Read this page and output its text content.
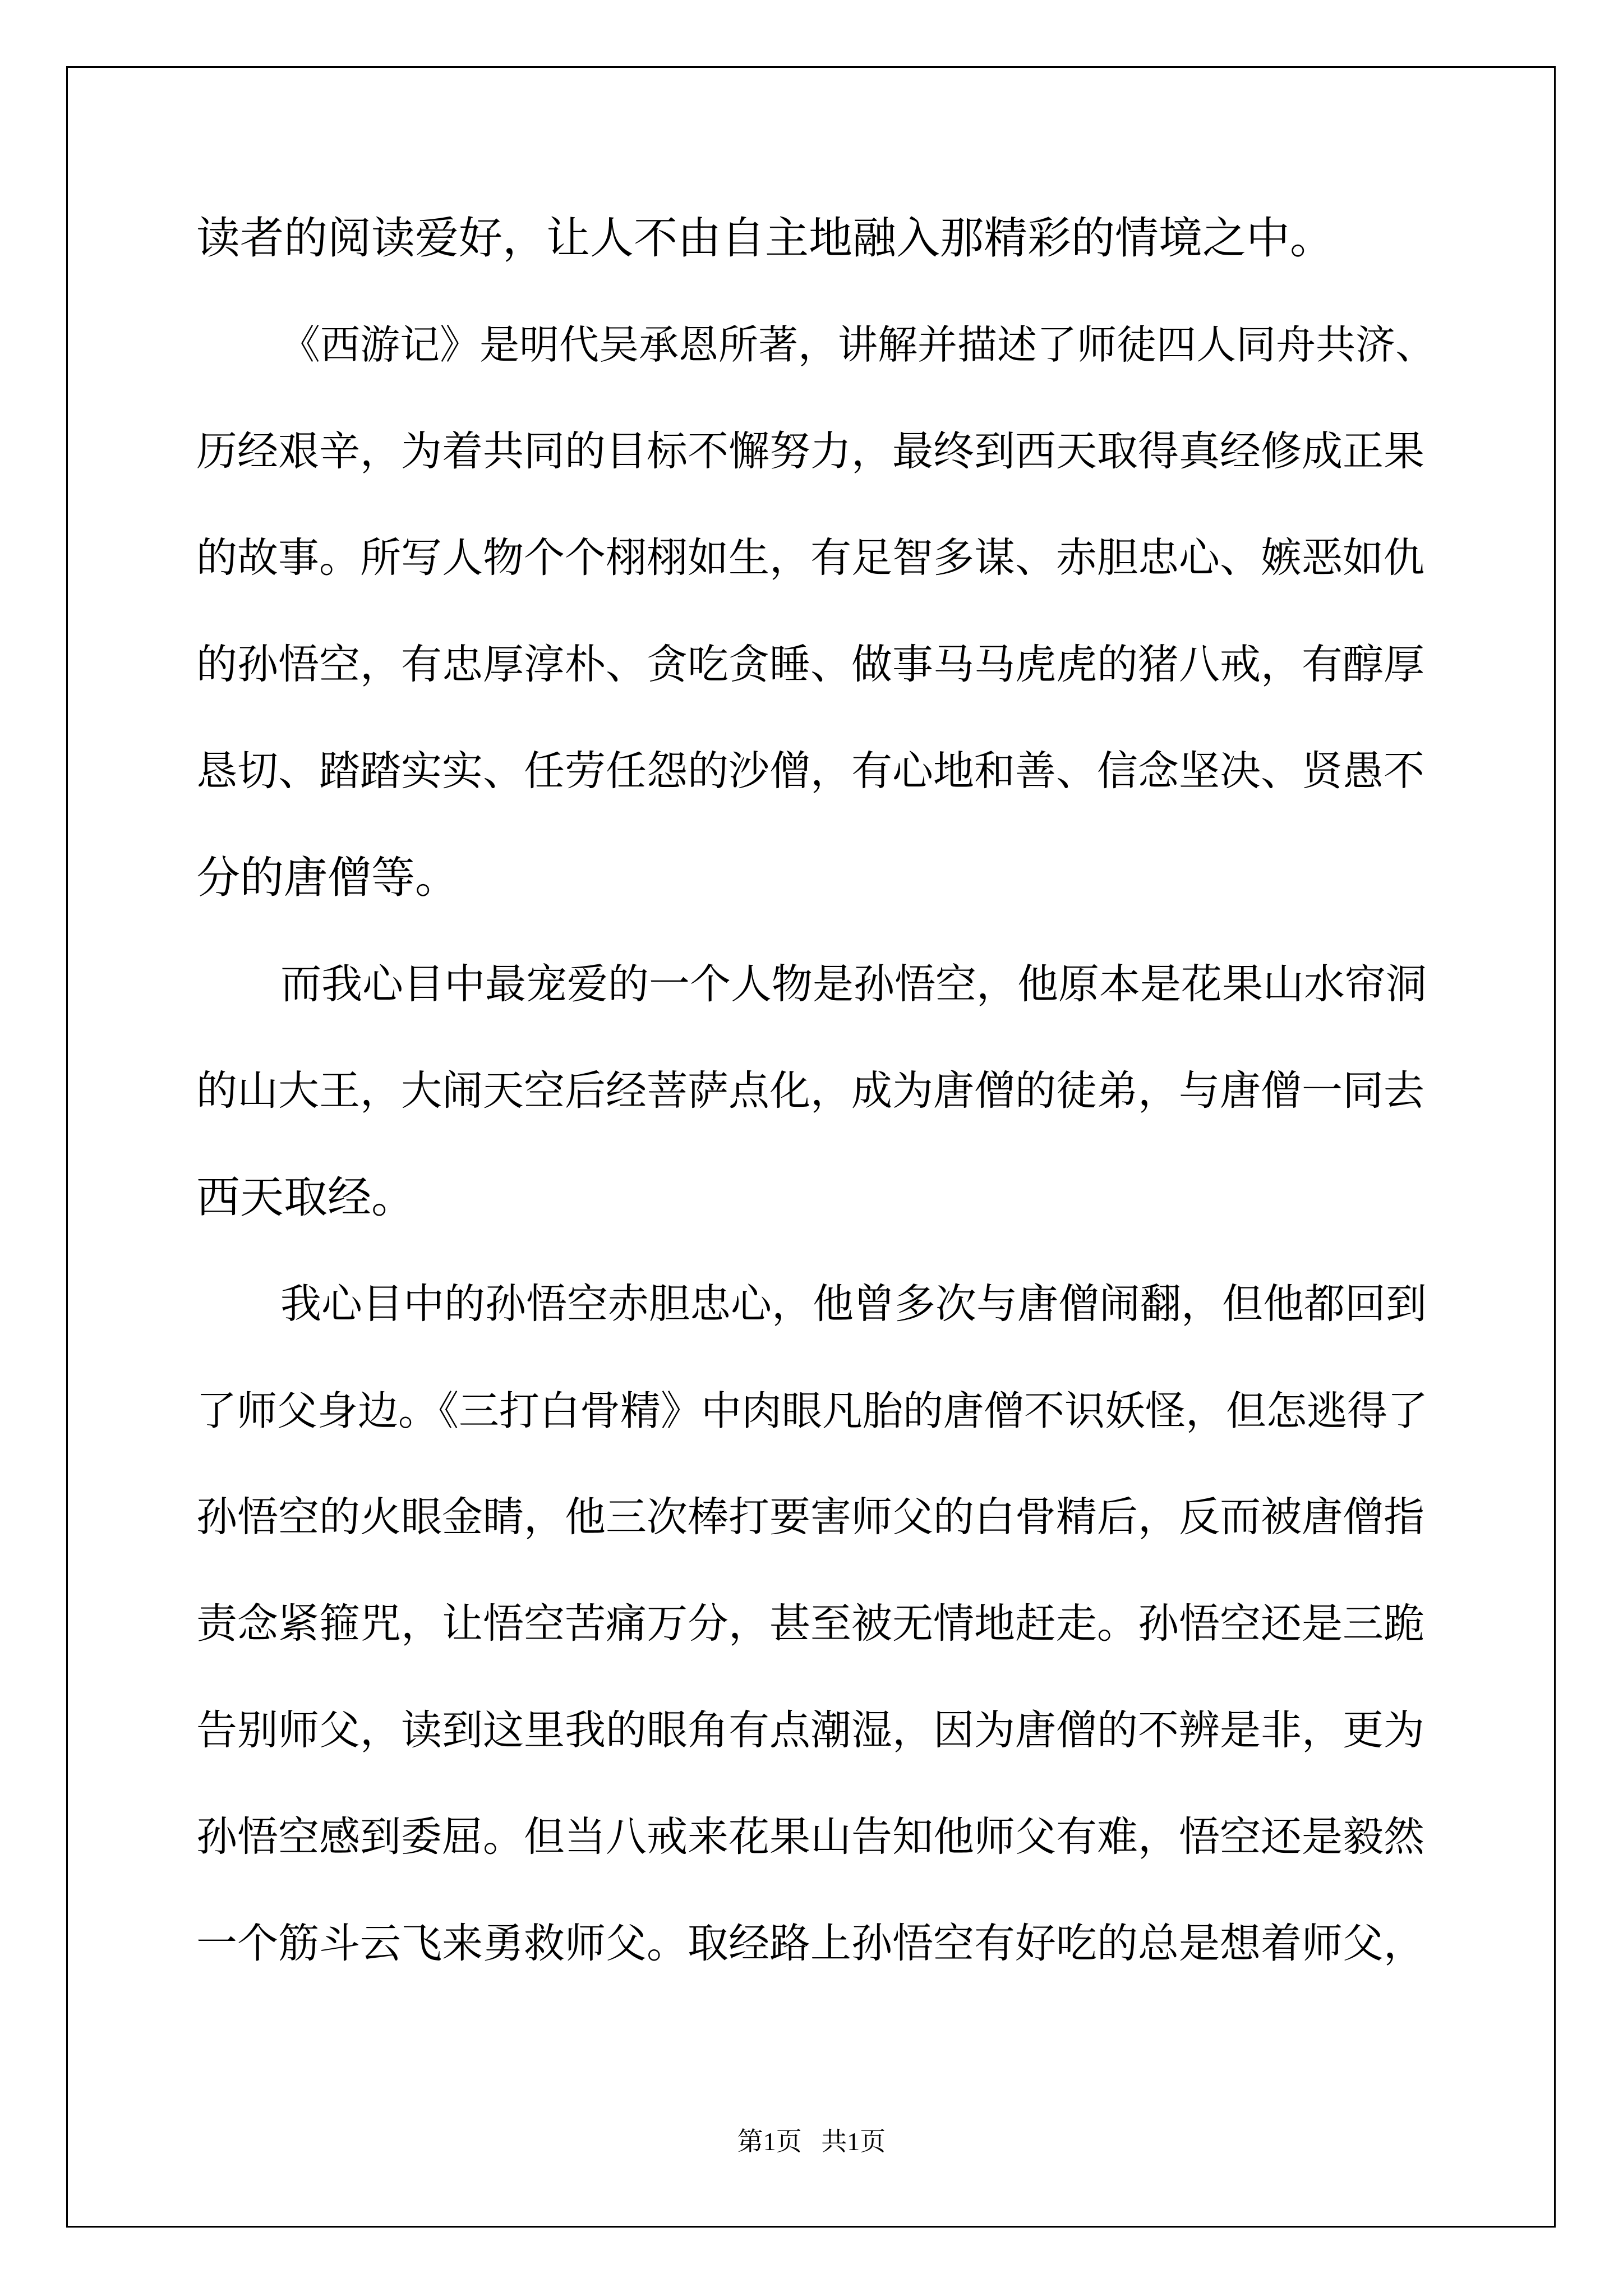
读者的阅读爱好，让人不由自主地融入那精彩的情境之中。
《西游记》是明代吴承恩所著，讲解并描述了师徒四人同舟共济、
历经艰辛，为着共同的目标不懈努力，最终到西天取得真经修成正果
的故事。所写人物个个栩栩如生，有足智多谋、赤胆忠心、嫉恶如仇
的孙悟空，有忠厚淳朴、贪吃贪睡、做事马马虎虎的猪八戒，有醇厚
恳切、踏踏实实、任劳任怨的沙僧，有心地和善、信念坚决、贤愚不
分的唐僧等。
而我心目中最宠爱的一个人物是孙悟空，他原本是花果山水帘洞
的山大王，大闹天空后经菩萨点化，成为唐僧的徒弟，与唐僧一同去
西天取经。
我心目中的孙悟空赤胆忠心，他曾多次与唐僧闹翻，但他都回到
了师父身边。《三打白骨精》中肉眼凡胎的唐僧不识妖怪，但怎逃得了
孙悟空的火眼金睛，他三次棒打要害师父的白骨精后，反而被唐僧指
责念紧箍咒，让悟空苦痛万分，甚至被无情地赶走。孙悟空还是三跪
告别师父，读到这里我的眼角有点潮湿，因为唐僧的不辨是非，更为
孙悟空感到委屈。但当八戒来花果山告知他师父有难，悟空还是毅然
一个筋斗云飞来勇救师父。取经路上孙悟空有好吃的总是想着师父，
第1页   共1页
